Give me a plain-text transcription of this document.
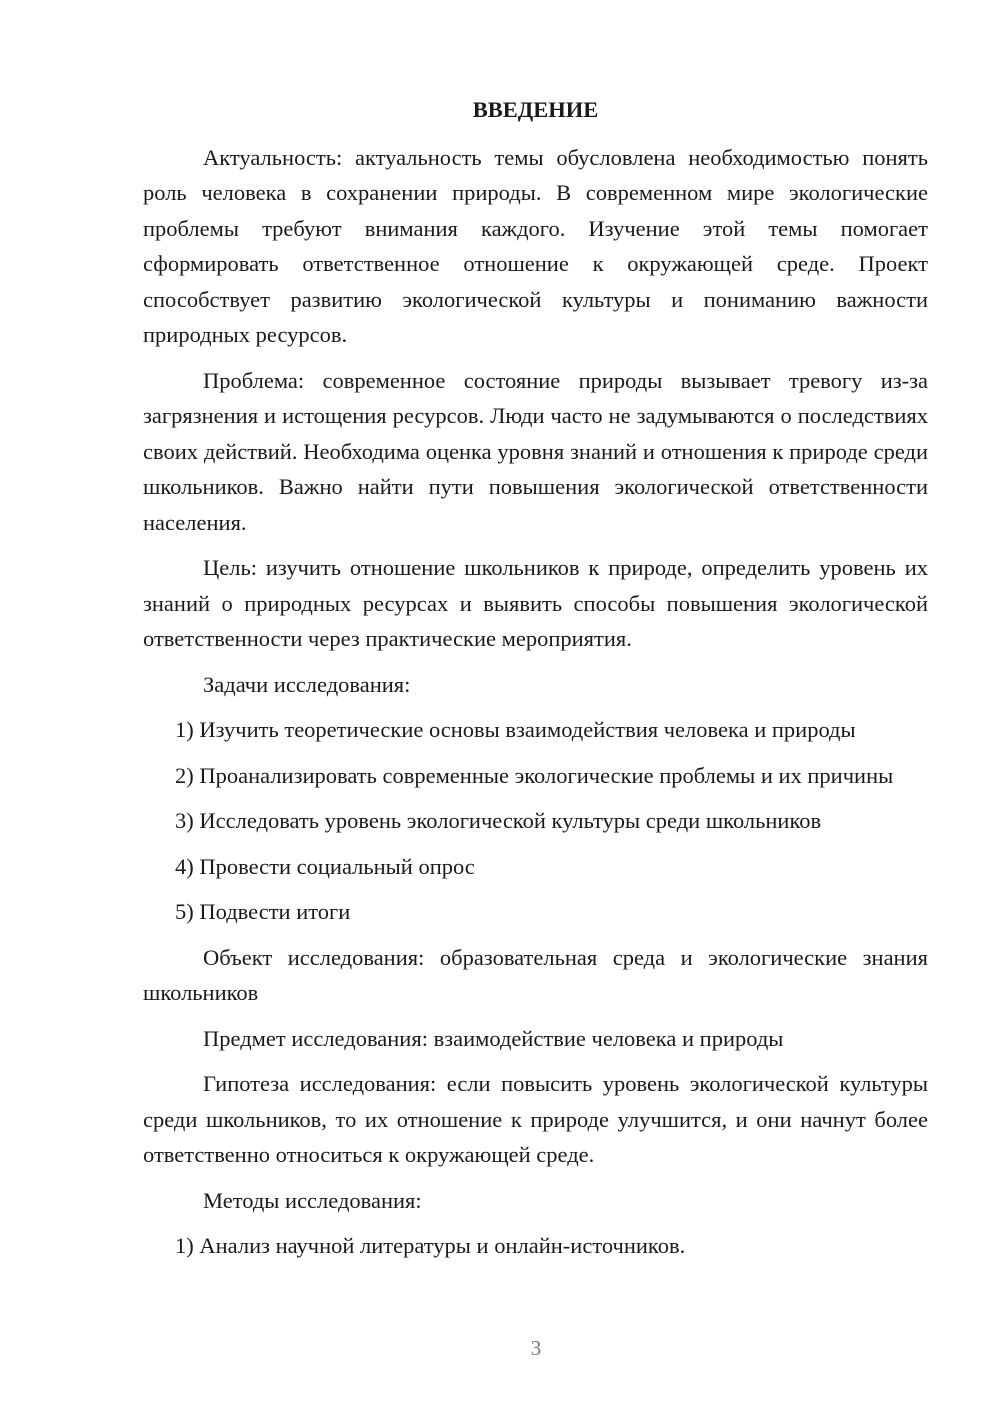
ВВЕДЕНИЕ

Актуальность: актуальность темы обусловлена необходимостью понять роль человека в сохранении природы. В современном мире экологические проблемы требуют внимания каждого. Изучение этой темы помогает сформировать ответственное отношение к окружающей среде. Проект способствует развитию экологической культуры и пониманию важности природных ресурсов.

Проблема: современное состояние природы вызывает тревогу из-за загрязнения и истощения ресурсов. Люди часто не задумываются о последствиях своих действий. Необходима оценка уровня знаний и отношения к природе среди школьников. Важно найти пути повышения экологической ответственности населения.

Цель: изучить отношение школьников к природе, определить уровень их знаний о природных ресурсах и выявить способы повышения экологической ответственности через практические мероприятия.

Задачи исследования:

1) Изучить теоретические основы взаимодействия человека и природы

2) Проанализировать современные экологические проблемы и их причины

3) Исследовать уровень экологической культуры среди школьников

4) Провести социальный опрос

5) Подвести итоги

Объект исследования: образовательная среда и экологические знания школьников

Предмет исследования: взаимодействие человека и природы

Гипотеза исследования: если повысить уровень экологической культуры среди школьников, то их отношение к природе улучшится, и они начнут более ответственно относиться к окружающей среде.

Методы исследования:

1) Анализ научной литературы и онлайн-источников.

3
